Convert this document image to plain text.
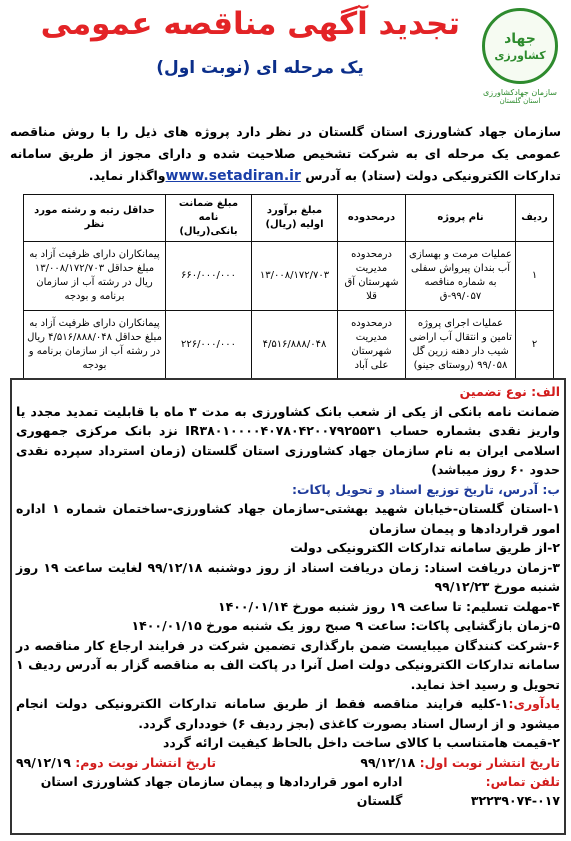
جهاد
کشاورزی
سازمان جهادکشاورزی
استان گلستان
تجدید آگهی مناقصه عمومی
یک مرحله ای (نوبت اول)

سازمان جهاد کشاورزی استان گلستان در نظر دارد پروژه های ذیل را با روش مناقصه عمومی یک مرحله ای به شرکت تشخیص صلاحیت شده و دارای مجوز از طریق سامانه تدارکات الکترونیکی دولت (ستاد) به آدرس www.setadiran.irواگذار نماید.

ردیف	نام پروژه	درمحدوده	مبلغ برآورد اولیه (ریال)	مبلغ ضمانت نامه بانکی(ریال)	حداقل رتبه و رشته مورد نظر
۱	عملیات مرمت و بهسازی آب بندان پیرواش سفلی به شماره مناقصه ۹۹/۰۵۷-ق	درمحدوده مدیریت شهرستان آق قلا	۱۳/۰۰۸/۱۷۲/۷۰۳	۶۶۰/۰۰۰/۰۰۰	پیمانکاران دارای ظرفیت آزاد به مبلغ حداقل ۱۳/۰۰۸/۱۷۲/۷۰۳ ریال در رشته آب از سازمان برنامه و بودجه
۲	عملیات اجرای پروژه تامین و انتقال آب اراضی شیب دار دهنه زرین گل ۹۹/۰۵۸ (روستای جینو)	درمحدوده مدیریت شهرستان علی آباد	۴/۵۱۶/۸۸۸/۰۴۸	۲۲۶/۰۰۰/۰۰۰	پیمانکاران دارای ظرفیت آزاد به مبلغ حداقل ۴/۵۱۶/۸۸۸/۰۴۸ ریال در رشته آب از سازمان برنامه و بودجه

الف: نوع تضمین

ضمانت نامه بانکی از یکی از شعب بانک کشاورزی به مدت ۳ ماه با قابلیت تمدید مجدد یا واریز نقدی بشماره حساب IR۳۸۰۱۰۰۰۰۴۰۷۸۰۴۲۰۰۷۹۲۵۵۳۱ نزد بانک مرکزی جمهوری اسلامی ایران به نام سازمان جهاد کشاورزی استان گلستان (زمان استرداد سپرده نقدی حدود ۶۰ روز میباشد)

ب: آدرس، تاریخ توزیع اسناد و تحویل پاکات:

۱-استان گلستان-خیابان شهید بهشتی-سازمان جهاد کشاورزی-ساختمان شماره ۱ اداره امور قراردادها و پیمان سازمان

۲-از طریق سامانه تدارکات الکترونیکی دولت

۳-زمان دریافت اسناد: زمان دریافت اسناد از روز دوشنبه ۹۹/۱۲/۱۸ لغایت ساعت ۱۹ روز شنبه مورخ ۹۹/۱۲/۲۳

۴-مهلت تسلیم: تا ساعت ۱۹ روز شنبه مورخ ۱۴۰۰/۰۱/۱۴

۵-زمان بازگشایی پاکات: ساعت ۹ صبح روز یک شنبه مورخ ۱۴۰۰/۰۱/۱۵

۶-شرکت کنندگان میبایست ضمن بارگذاری تضمین شرکت در فرایند ارجاع کار مناقصه در سامانه تدارکات الکترونیکی دولت اصل آنرا در پاکت الف به مناقصه گزار به آدرس ردیف ۱ تحویل و رسید اخذ نماید.

یادآوری:۱-کلیه فرایند مناقصه فقط از طریق سامانه تدارکات الکترونیکی دولت انجام میشود و از ارسال اسناد بصورت کاغذی (بجز ردیف ۶) خودداری گردد.

۲-قیمت هامتناسب با کالای ساخت داخل بالحاظ کیفیت ارائه گردد

تاریخ انتشار نوبت اول: ۹۹/۱۲/۱۸
تاریخ انتشار نوبت دوم: ۹۹/۱۲/۱۹
تلفن تماس: ۰۱۷-۳۲۲۳۹۰۷۴
اداره امور قراردادها و پیمان سازمان جهاد کشاورزی استان گلستان
